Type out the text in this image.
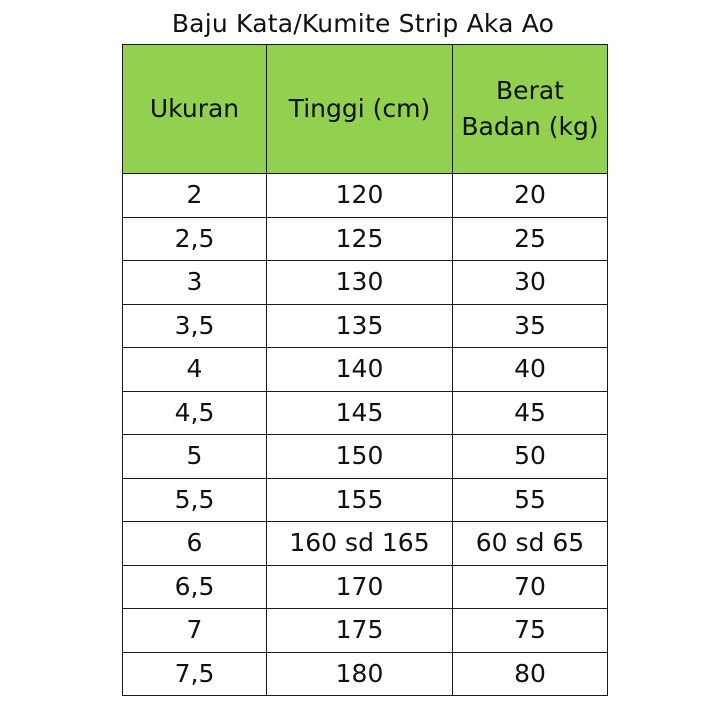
Baju Kata/Kumite Strip Aka Ao
Ukuran	Tinggi (cm)	Berat
Badan (kg)

2	120	20
2,5	125	25
3	130	30
3,5	135	35
4	140	40
4,5	145	45
5	150	50
5,5	155	55
6	160 sd 165	60 sd 65
6,5	170	70
7	175	75
7,5	180	80
